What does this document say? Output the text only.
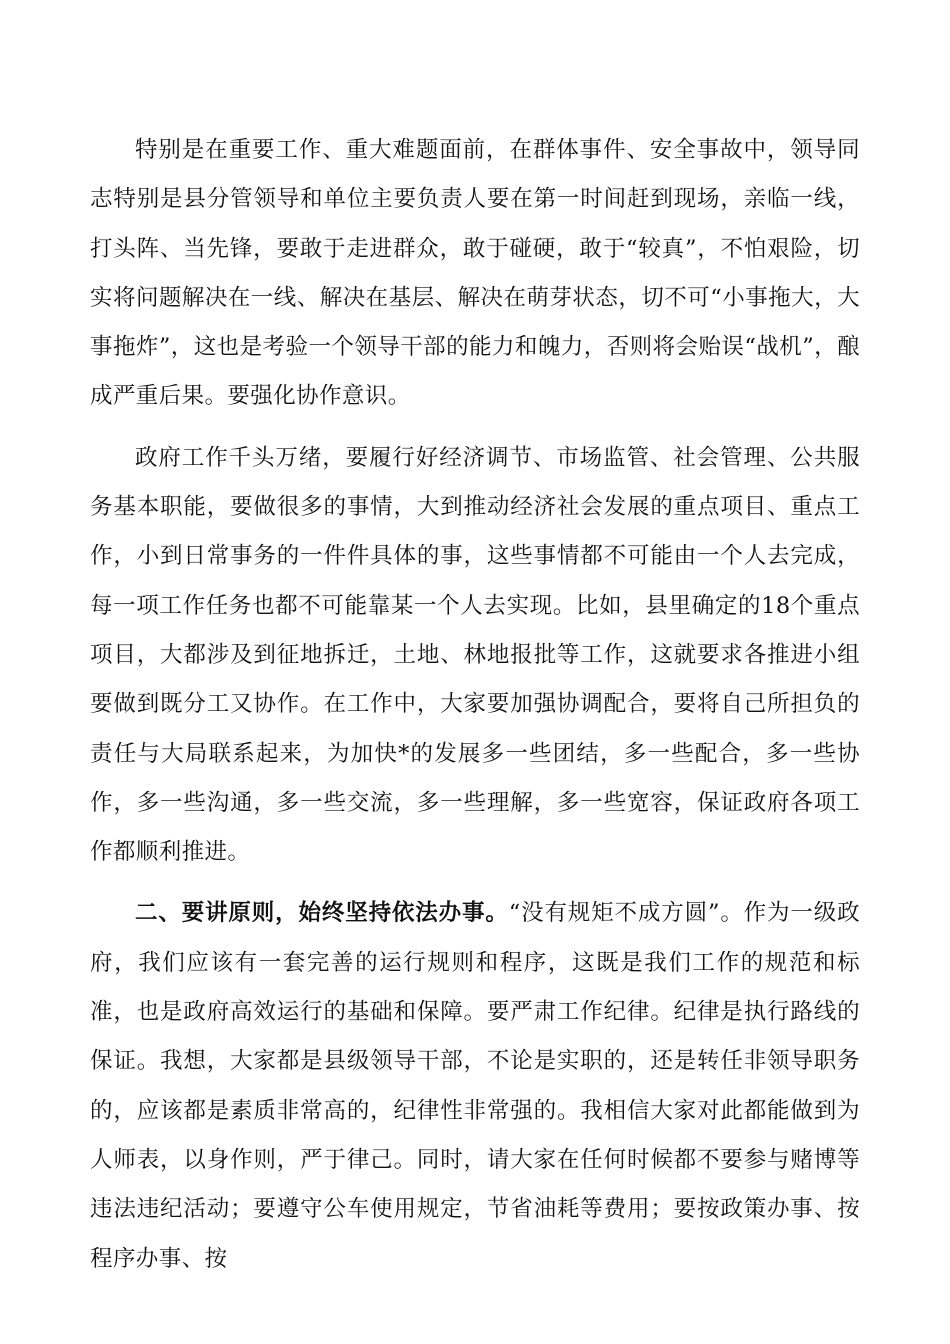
特别是在重要工作、重大难题面前，在群体事件、安全事故中，领导同志特别是县分管领导和单位主要负责人要在第一时间赶到现场，亲临一线，打头阵、当先锋，要敢于走进群众，敢于碰硬，敢于“较真”，不怕艰险，切实将问题解决在一线、解决在基层、解决在萌芽状态，切不可“小事拖大，大事拖炸”，这也是考验一个领导干部的能力和魄力，否则将会贻误“战机”，酿成严重后果。要强化协作意识。

政府工作千头万绪，要履行好经济调节、市场监管、社会管理、公共服务基本职能，要做很多的事情，大到推动经济社会发展的重点项目、重点工作，小到日常事务的一件件具体的事，这些事情都不可能由一个人去完成，每一项工作任务也都不可能靠某一个人去实现。比如，县里确定的18个重点项目，大都涉及到征地拆迁，土地、林地报批等工作，这就要求各推进小组要做到既分工又协作。在工作中，大家要加强协调配合，要将自己所担负的责任与大局联系起来，为加快*的发展多一些团结，多一些配合，多一些协作，多一些沟通，多一些交流，多一些理解，多一些宽容，保证政府各项工作都顺利推进。

二、要讲原则，始终坚持依法办事。“没有规矩不成方圆”。作为一级政府，我们应该有一套完善的运行规则和程序，这既是我们工作的规范和标准，也是政府高效运行的基础和保障。要严肃工作纪律。纪律是执行路线的保证。我想，大家都是县级领导干部，不论是实职的，还是转任非领导职务的，应该都是素质非常高的，纪律性非常强的。我相信大家对此都能做到为人师表，以身作则，严于律己。同时，请大家在任何时候都不要参与赌博等违法违纪活动；要遵守公车使用规定，节省油耗等费用；要按政策办事、按程序办事、按
